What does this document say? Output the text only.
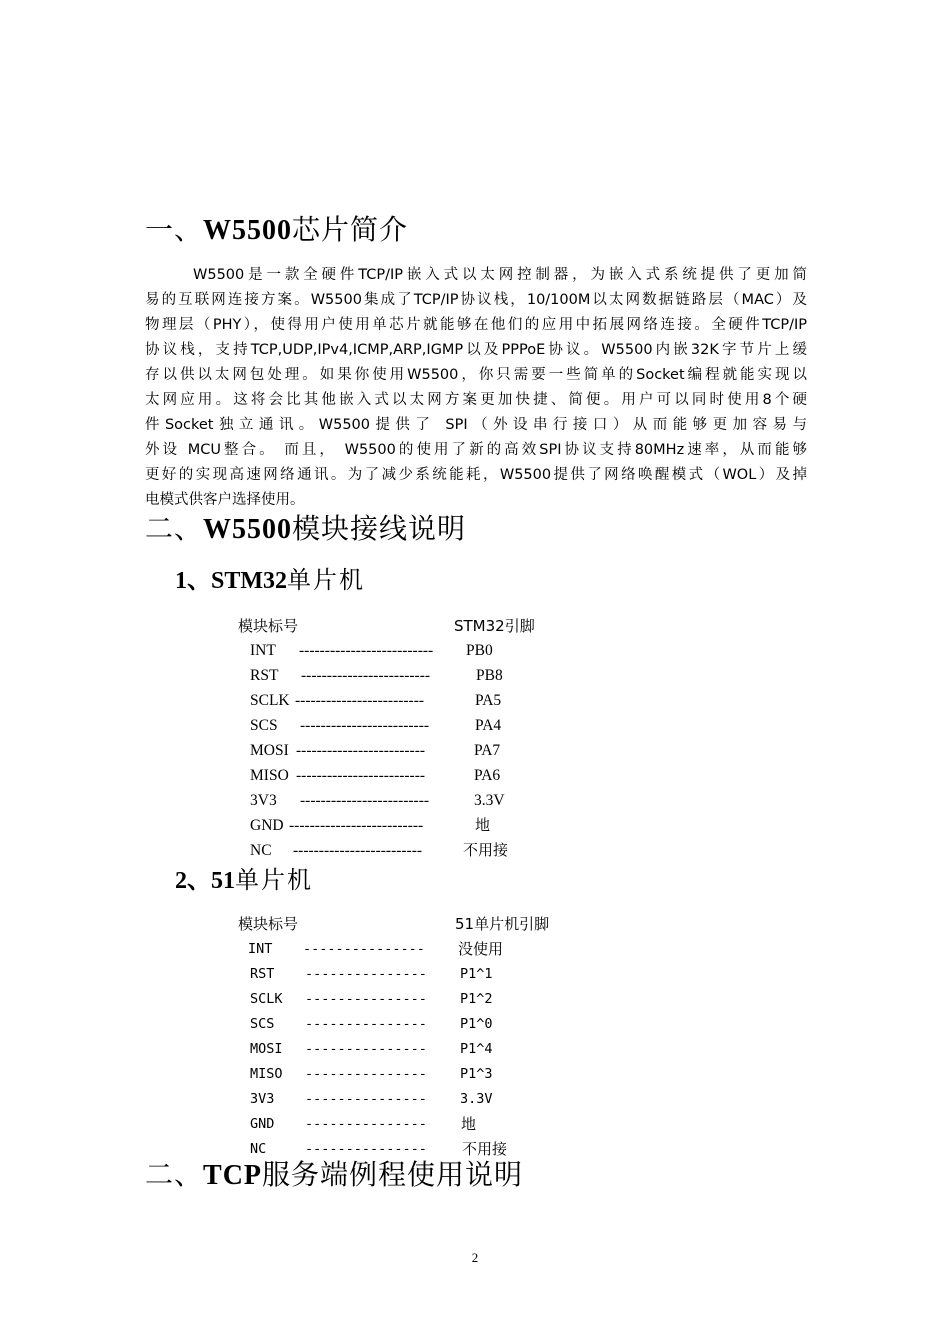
一、W5500芯片简介
W5500是一款全硬件TCP/IP嵌入式以太网控制器，为嵌入式系统提供了更加简
易的互联网连接方案。W5500集成了TCP/IP协议栈，10/100M以太网数据链路层（MAC）及
物理层（PHY），使得用户使用单芯片就能够在他们的应用中拓展网络连接。全硬件TCP/IP
协议栈，支持TCP,UDP,IPv4,ICMP,ARP,IGMP以及PPPoE协议。W5500内嵌32K字节片上缓
存以供以太网包处理。如果你使用W5500，你只需要一些简单的Socket编程就能实现以
太网应用。这将会比其他嵌入式以太网方案更加快捷、简便。用户可以同时使用8个硬
件Socket独立通讯。W5500提供了 SPI（外设串行接口）从而能够更加容易与
外设 MCU整合。 而且， W5500的使用了新的高效SPI协议支持80MHz速率，从而能够
更好的实现高速网络通讯。为了减少系统能耗，W5500提供了网络唤醒模式（WOL）及掉
电模式供客户选择使用。
二、W5500模块接线说明
1、STM32单片机
模块标号	STM32引脚
INT -------------------------- PB0
RST -------------------------	PB8
SCLK -------------------------	PA5
SCS -------------------------	PA4
MOSI -------------------------	PA7
MISO -------------------------	PA6
3V3 -------------------------	3.3V
GND --------------------------	地
NC -------------------------	不用接
2、51单片机
模块标号	51单片机引脚
INT --------------- 没使用
RST --------------- P1^1
SCLK --------------- P1^2
SCS --------------- P1^0
MOSI --------------- P1^4
MISO --------------- P1^3
3V3 --------------- 3.3V
GND --------------- 地
NC	--------------- 不用接
二、TCP服务端例程使用说明
2
